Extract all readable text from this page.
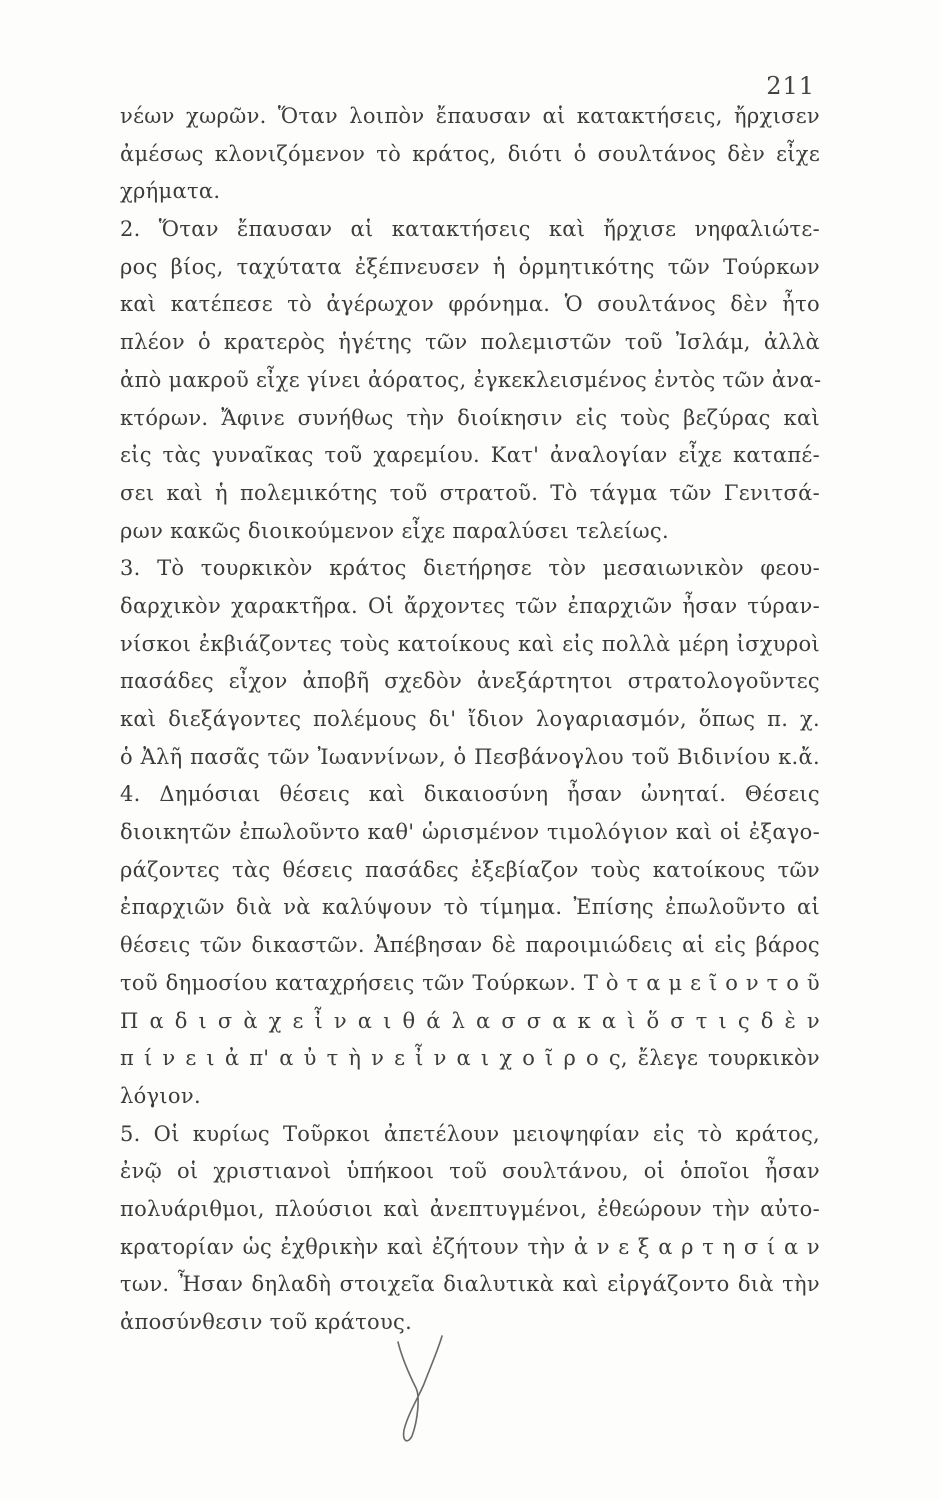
211
νέων χωρῶν. Ὅταν λοιπὸν ἔπαυσαν αἱ κατακτήσεις, ἤρχισεν
ἀμέσως κλονιζόμενον τὸ κράτος, διότι ὁ σουλτάνος δὲν εἶχε
χρήματα.
2. Ὅταν ἔπαυσαν αἱ κατακτήσεις καὶ ἤρχισε νηφαλιώτε-
ρος βίος, ταχύτατα ἐξέπνευσεν ἡ ὁρμητικότης τῶν Τούρκων
καὶ κατέπεσε τὸ ἀγέρωχον φρόνημα. Ὁ σουλτάνος δὲν ἦτο
πλέον ὁ κρατερὸς ἡγέτης τῶν πολεμιστῶν τοῦ Ἰσλάμ, ἀλλὰ
ἀπὸ μακροῦ εἶχε γίνει ἀόρατος, ἐγκεκλεισμένος ἐντὸς τῶν ἀνα-
κτόρων. Ἄφινε συνήθως τὴν διοίκησιν εἰς τοὺς βεζύρας καὶ
εἰς τὰς γυναῖκας τοῦ χαρεμίου. Κατ' ἀναλογίαν εἶχε καταπέ-
σει καὶ ἡ πολεμικότης τοῦ στρατοῦ. Τὸ τάγμα τῶν Γενιτσά-
ρων κακῶς διοικούμενον εἶχε παραλύσει τελείως.
3. Τὸ τουρκικὸν κράτος διετήρησε τὸν μεσαιωνικὸν φεου-
δαρχικὸν χαρακτῆρα. Οἱ ἄρχοντες τῶν ἐπαρχιῶν ἦσαν τύραν-
νίσκοι ἐκβιάζοντες τοὺς κατοίκους καὶ εἰς πολλὰ μέρη ἰσχυροὶ
πασάδες εἶχον ἀποβῆ σχεδὸν ἀνεξάρτητοι στρατολογοῦντες
καὶ διεξάγοντες πολέμους δι' ἴδιον λογαριασμόν, ὅπως π. χ.
ὁ Ἀλῆ πασᾶς τῶν Ἰωαννίνων, ὁ Πεσβάνογλου τοῦ Βιδινίου κ.ἄ.
4. Δημόσιαι θέσεις καὶ δικαιοσύνη ἦσαν ὠνηταί. Θέσεις
διοικητῶν ἐπωλοῦντο καθ' ὡρισμένον τιμολόγιον καὶ οἱ ἐξαγο-
ράζοντες τὰς θέσεις πασάδες ἐξεβίαζον τοὺς κατοίκους τῶν
ἐπαρχιῶν διὰ νὰ καλύψουν τὸ τίμημα. Ἐπίσης ἐπωλοῦντο αἱ
θέσεις τῶν δικαστῶν. Ἀπέβησαν δὲ παροιμιώδεις αἱ εἰς βάρος
τοῦ δημοσίου καταχρήσεις τῶν Τούρκων. Τ ὸ τ α μ ε ῖ ο ν τ ο ῦ
Π α δ ι σ ὰ χ ε ἶ ν α ι θ ά λ α σ σ α κ α ὶ ὅ σ τ ι ς δ ὲ ν
π ί ν ε ι ἀ π' α ὐ τ ὴ ν ε ἶ ν α ι χ ο ῖ ρ ο ς, ἔλεγε τουρκικὸν
λόγιον.
5. Οἱ κυρίως Τοῦρκοι ἀπετέλουν μειοψηφίαν εἰς τὸ κράτος,
ἐνῷ οἱ χριστιανοὶ ὑπήκοοι τοῦ σουλτάνου, οἱ ὁποῖοι ἦσαν
πολυάριθμοι, πλούσιοι καὶ ἀνεπτυγμένοι, ἐθεώρουν τὴν αὐτο-
κρατορίαν ὡς ἐχθρικὴν καὶ ἐζήτουν τὴν ἀ ν ε ξ α ρ τ η σ ί α ν
των. Ἦσαν δηλαδὴ στοιχεῖα διαλυτικὰ καὶ εἰργάζοντο διὰ τὴν
ἀποσύνθεσιν τοῦ κράτους.
